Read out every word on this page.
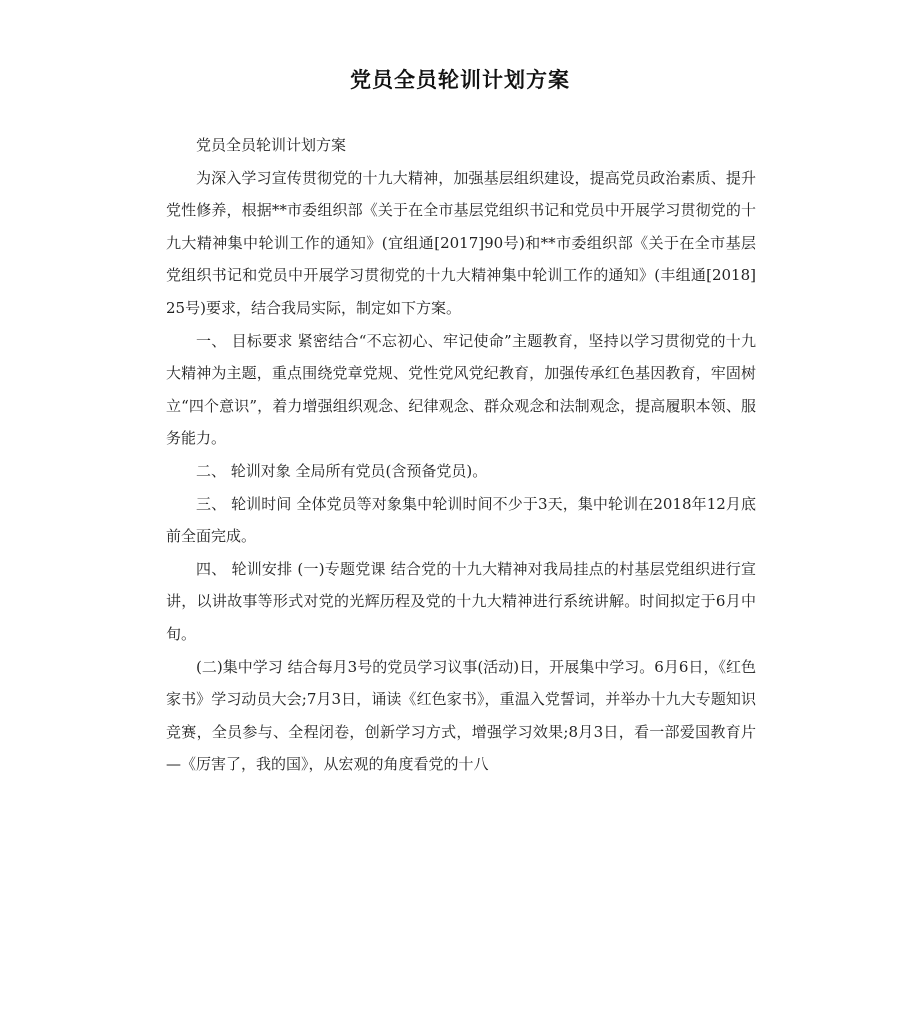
党员全员轮训计划方案

党员全员轮训计划方案

为深入学习宣传贯彻党的十九大精神，加强基层组织建设，提高党员政治素质、提升党性修养，根据**市委组织部《关于在全市基层党组织书记和党员中开展学习贯彻党的十九大精神集中轮训工作的通知》(宜组通[2017]90号)和**市委组织部《关于在全市基层党组织书记和党员中开展学习贯彻党的十九大精神集中轮训工作的通知》(丰组通[2018]25号)要求，结合我局实际，制定如下方案。

一、 目标要求 紧密结合“不忘初心、牢记使命”主题教育，坚持以学习贯彻党的十九大精神为主题，重点围绕党章党规、党性党风党纪教育，加强传承红色基因教育，牢固树立“四个意识”，着力增强组织观念、纪律观念、群众观念和法制观念，提高履职本领、服务能力。

二、 轮训对象 全局所有党员(含预备党员)。

三、 轮训时间 全体党员等对象集中轮训时间不少于3天，集中轮训在2018年12月底前全面完成。

四、 轮训安排 (一)专题党课 结合党的十九大精神对我局挂点的村基层党组织进行宣讲，以讲故事等形式对党的光辉历程及党的十九大精神进行系统讲解。时间拟定于6月中旬。

(二)集中学习 结合每月3号的党员学习议事(活动)日，开展集中学习。6月6日，《红色家书》学习动员大会;7月3日，诵读《红色家书》，重温入党誓词，并举办十九大专题知识竞赛，全员参与、全程闭卷，创新学习方式，增强学习效果;8月3日，看一部爱国教育片—《厉害了，我的国》，从宏观的角度看党的十八
